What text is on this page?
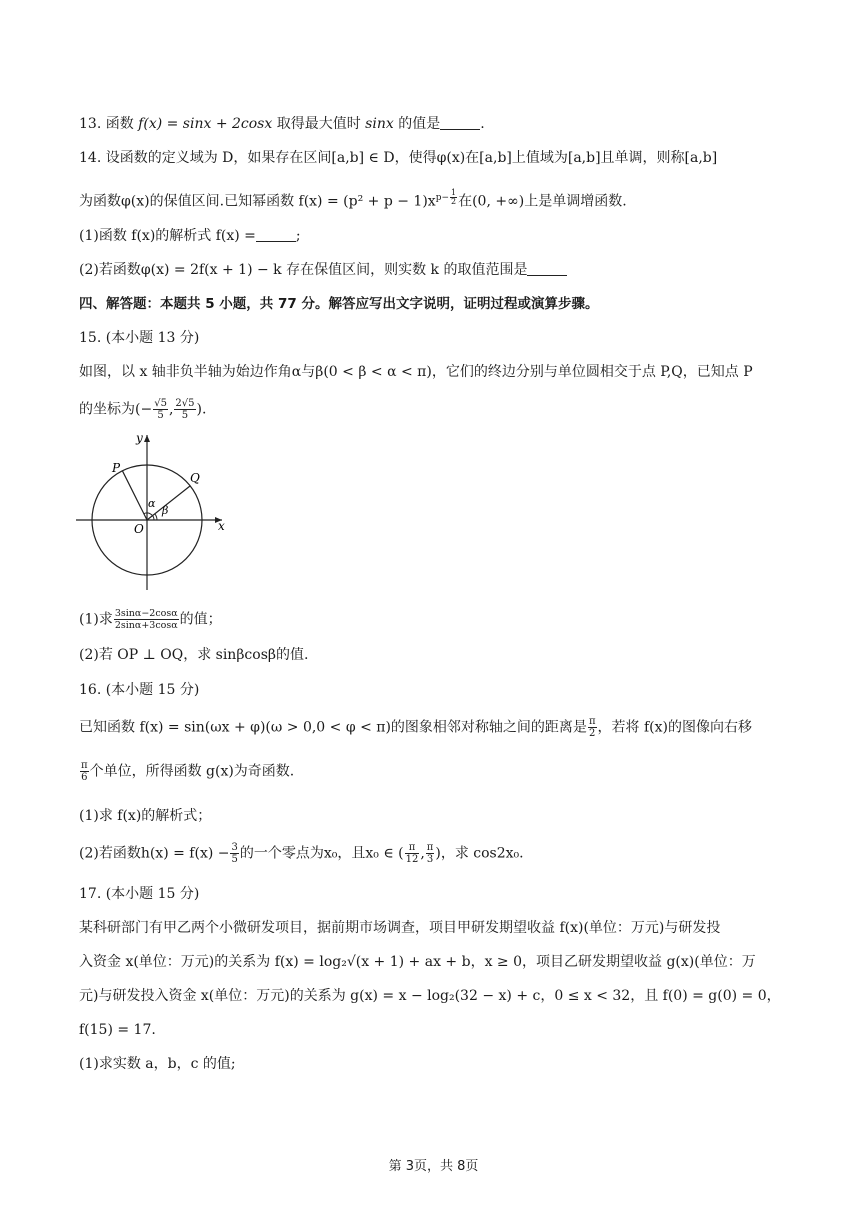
13. 函数 f(x) = sinx + 2cosx 取得最大值时 sinx 的值是	.
14. 设函数的定义域为 D，如果存在区间[a,b] ∈ D，使得φ(x)在[a,b]上值域为[a,b]且单调，则称[a,b]
为函数φ(x)的保值区间.已知幂函数 $f(x) = (p^2 + p - 1)x^{p- \frac{1}{2}}$ 在(0, +∞)上是单调增函数.
(1)函数 f(x)的解析式 f(x) =	;
(2)若函数φ(x) = 2f(x + 1) − k 存在保值区间，则实数 k 的取值范围是
四、解答题：本题共 5 小题，共 77 分。解答应写出文字说明，证明过程或演算步骤。
15. (本小题 13 分)
如图，以 x 轴非负半轴为始边作角α与β(0 < β < α < π)，它们的终边分别与单位圆相交于点 P,Q，已知点 P
的坐标为(− $\frac{√5}{5}$ , $\frac{2√5}{5}$ ).
y
x
P
Q
O
α
β
(1)求 $\frac{3\sin\alpha-2\cos\alpha}{2\sin\alpha+3\cos\alpha}$ 的值；
(2)若 OP ⊥ OQ，求 sinβcosβ的值.
16. (本小题 15 分)
已知函数 f(x) = sin(ωx + φ)(ω > 0,0 < φ < π)的图象相邻对称轴之间的距离是 $\frac{\pi}{2}$ ，若将 f(x)的图像向右移
$\frac{\pi}{6}$ 个单位，所得函数 g(x)为奇函数.
(1)求 f(x)的解析式；
(2)若函数$h(x) = f(x) - \frac{3}{5}$ 的一个零点为x₀，且x₀ ∈ ( $\frac{\pi}{12}$ , $\frac{\pi}{3}$ )，求 cos2x₀.
17. (本小题 15 分)
某科研部门有甲乙两个小微研发项目，据前期市场调查，项目甲研发期望收益 f(x)(单位：万元)与研发投
入资金 x(单位：万元)的关系为 f(x) = log₂√(x + 1) + ax + b，x ≥ 0，项目乙研发期望收益 g(x)(单位：万
元)与研发投入资金 x(单位：万元)的关系为 g(x) = x − log₂(32 − x) + c，0 ≤ x < 32，且 f(0) = g(0) = 0，
f(15) = 17.
(1)求实数 a，b，c 的值;
第 3页，共 8页
